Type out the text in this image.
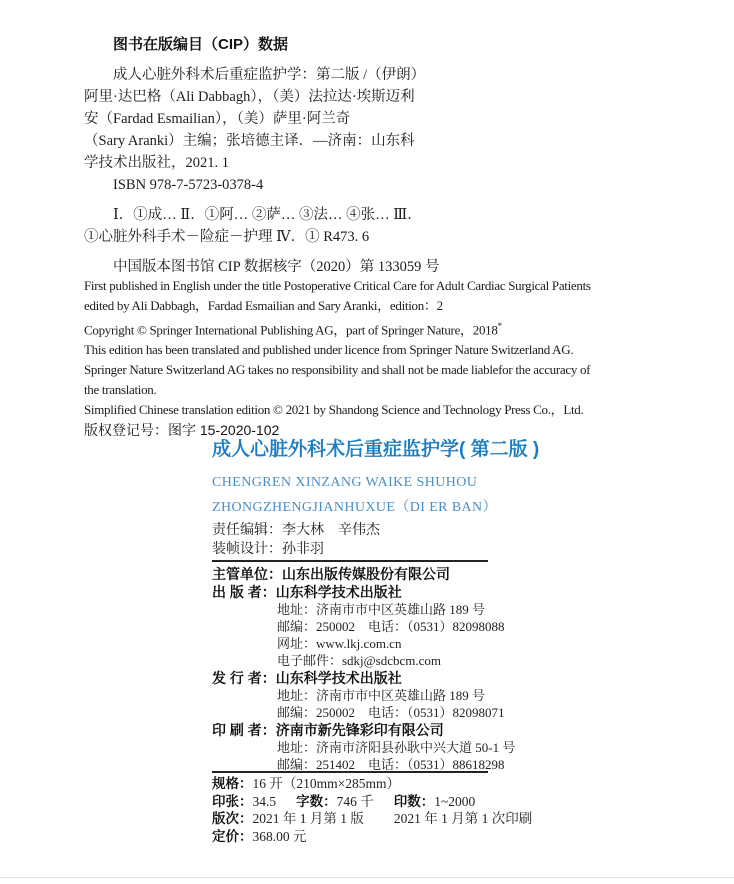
图书在版编目（CIP）数据
成人心脏外科术后重症监护学：第二版 /（伊朗）
阿里·达巴格（Ali Dabbagh），（美）法拉达·埃斯迈利
安（Fardad Esmailian），（美）萨里·阿兰奇
（Sary Aranki）主编；张培德主译．—济南：山东科
学技术出版社，2021. 1
ISBN 978-7-5723-0378-4
Ⅰ．①成… Ⅱ．①阿… ②萨… ③法… ④张… Ⅲ．
①心脏外科手术－险症－护理 Ⅳ．① R473. 6
中国版本图书馆 CIP 数据核字（2020）第 133059 号
First published in English under the title Postoperative Critical Care for Adult Cardiac Surgical Patients
edited by Ali Dabbagh，Fardad Esmailian and Sary Aranki，edition：2
Copyright © Springer International Publishing AG，part of Springer Nature，2018*
This edition has been translated and published under licence from Springer Nature Switzerland AG.
Springer Nature Switzerland AG takes no responsibility and shall not be made liablefor the accuracy of
the translation.
Simplified Chinese translation edition © 2021 by Shandong Science and Technology Press Co.，Ltd.
版权登记号：图字 15-2020-102
成人心脏外科术后重症监护学( 第二版 )
CHENGREN XINZANG WAIKE SHUHOU
ZHONGZHENGJIANHUXUE（DI ER BAN）
责任编辑：李大林　辛伟杰
装帧设计：孙非羽
主管单位：山东出版传媒股份有限公司
出 版 者：山东科学技术出版社
地址：济南市市中区英雄山路 189 号
邮编：250002　电话：（0531）82098088
网址：www.lkj.com.cn
电子邮件：sdkj@sdcbcm.com
发 行 者：山东科学技术出版社
地址：济南市市中区英雄山路 189 号
邮编：250002　电话：（0531）82098071
印 刷 者：济南市新先锋彩印有限公司
地址：济南市济阳县孙耿中兴大道 50-1 号
邮编：251402　电话：（0531）88618298
规格：16 开（210mm×285mm）
印张：34.5 字数：746 千 印数：1~2000
版次：2021 年 1 月第 1 版 2021 年 1 月第 1 次印刷
定价：368.00 元
